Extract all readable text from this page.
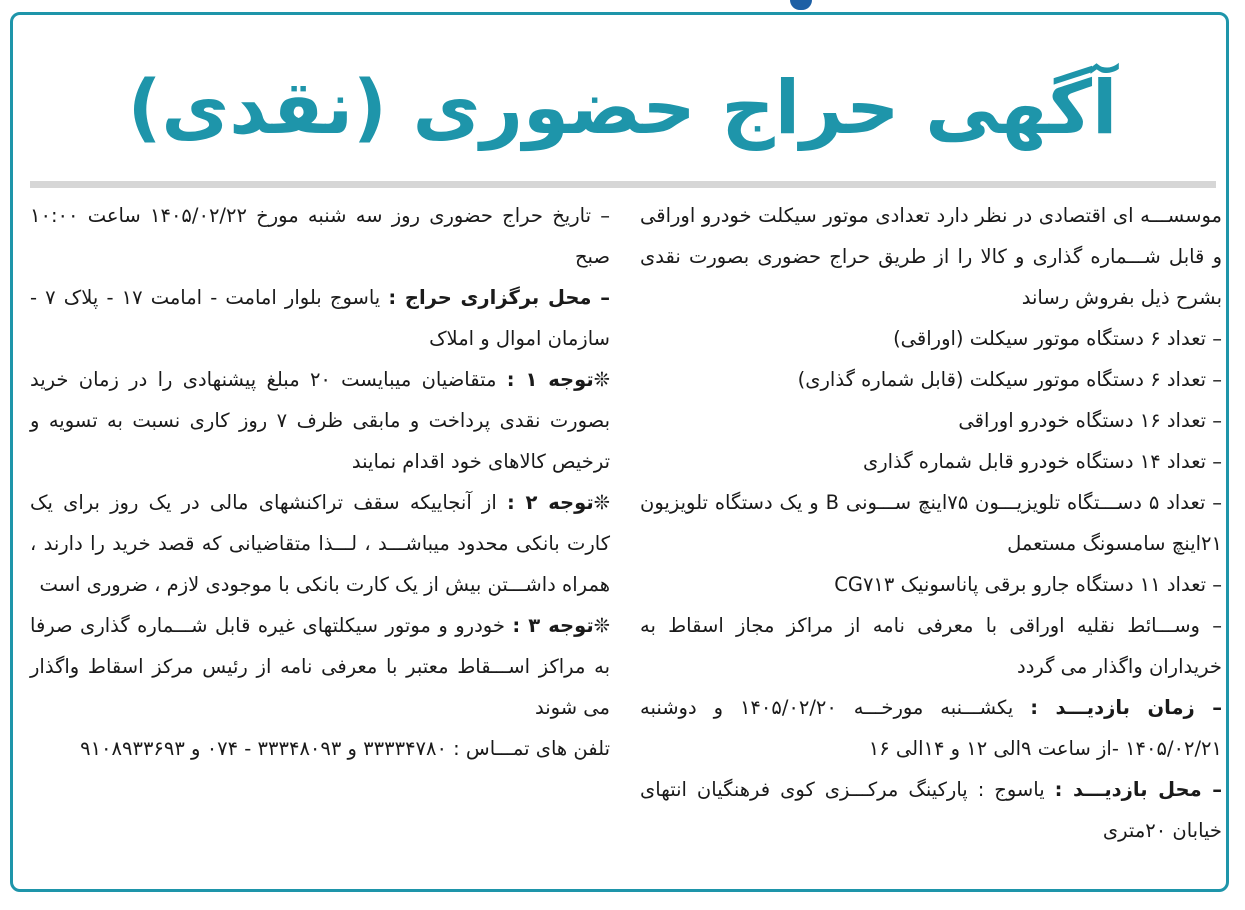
آگهی حراج حضوری (نقدی)

موسســـه ای اقتصادی در نظر دارد تعدادی موتور سیکلت خودرو اوراقی و قابل شـــماره گذاری و کالا را از طریق حراج حضوری بصورت نقدی بشرح ذیل بفروش رساند

– تعداد ۶ دستگاه موتور سیکلت (اوراقی)

– تعداد ۶ دستگاه موتور سیکلت (قابل شماره گذاری)

– تعداد ۱۶ دستگاه خودرو اوراقی

– تعداد ۱۴ دستگاه خودرو قابل شماره گذاری

– تعداد ۵ دســـتگاه تلویزیـــون ۷۵اینچ ســـونی B و یک دستگاه تلویزیون ۲۱اینچ سامسونگ مستعمل

– تعداد ۱۱ دستگاه جارو برقی پاناسونیک CG۷۱۳

– وســـائط نقلیه اوراقی با معرفی نامه از مراکز مجاز اسقاط به خریداران واگذار می گردد

– زمان بازدیـــد : یکشـــنبه مورخـــه ۱۴۰۵/۰۲/۲۰ و دوشنبه ۱۴۰۵/۰۲/۲۱ -از ساعت ۹الی ۱۲ و ۱۴الی ۱۶

– محل بازدیـــد : یاسوج : پارکینگ مرکـــزی کوی فرهنگیان انتهای خیابان ۲۰متری

– تاریخ حراج حضوری روز سه شنبه مورخ ۱۴۰۵/۰۲/۲۲ ساعت ۱۰:۰۰ صبح

– محل برگزاری حراج : یاسوج بلوار امامت - امامت ۱۷ - پلاک ۷ - سازمان اموال و املاک

❊توجه ۱ : متقاضیان میبایست ۲۰ مبلغ پیشنهادی را در زمان خرید بصورت نقدی پرداخت و مابقی ظرف ۷ روز کاری نسبت به تسویه و ترخیص کالاهای خود اقدام نمایند

❊توجه ۲ : از آنجاییکه سقف تراکنشهای مالی در یک روز برای یک کارت بانکی محدود میباشـــد ، لـــذا متقاضیانی که قصد خرید را دارند ، همراه داشـــتن بیش از یک کارت بانکی با موجودی لازم ، ضروری است

❊توجه ۳ : خودرو و موتور سیکلتهای غیره قابل شـــماره گذاری صرفا به مراکز اســـقاط معتبر با معرفی نامه از رئیس مرکز اسقاط واگذار می شوند

تلفن های تمـــاس : ۳۳۳۳۴۷۸۰ و ۳۳۳۴۸۰۹۳ - ۰۷۴ و ۹۱۰۸۹۳۳۶۹۳
